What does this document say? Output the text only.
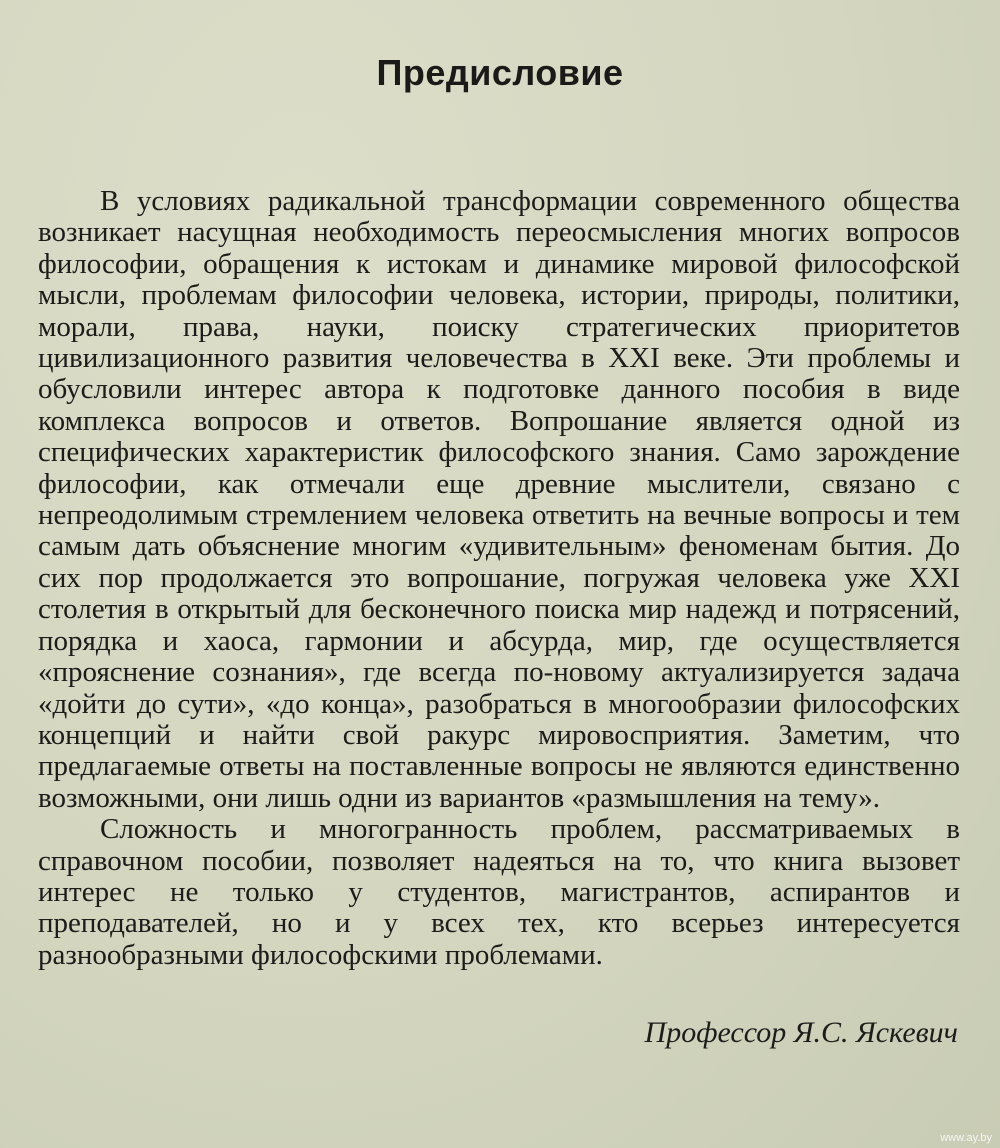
Предисловие

В условиях радикальной трансформации современного общества возникает насущная необходимость переосмысления многих вопросов философии, обращения к истокам и динамике мировой философской мысли, проблемам философии человека, истории, природы, политики, морали, права, науки, поиску стратегических приоритетов цивилизационного развития человечества в XXI веке. Эти проблемы и обусловили интерес автора к подготовке данного пособия в виде комплекса вопросов и ответов. Вопрошание является одной из специфических характеристик философского знания. Само зарождение философии, как отмечали еще древние мыслители, связано с непреодолимым стремлением человека ответить на вечные вопросы и тем самым дать объяснение многим «удивительным» феноменам бытия. До сих пор продолжается это вопрошание, погружая человека уже XXI столетия в открытый для бесконечного поиска мир надежд и потрясений, порядка и хаоса, гармонии и абсурда, мир, где осуществляется «прояснение сознания», где всегда по-новому актуализируется задача «дойти до сути», «до конца», разобраться в многообразии философских концепций и найти свой ракурс мировосприятия. Заметим, что предлагаемые ответы на поставленные вопросы не являются единственно возможными, они лишь одни из вариантов «размышления на тему».

Сложность и многогранность проблем, рассматриваемых в справочном пособии, позволяет надеяться на то, что книга вызовет интерес не только у студентов, магистрантов, аспирантов и преподавателей, но и у всех тех, кто всерьез интересуется разнообразными философскими проблемами.

Профессор Я.С. Яскевич
www.ay.by
